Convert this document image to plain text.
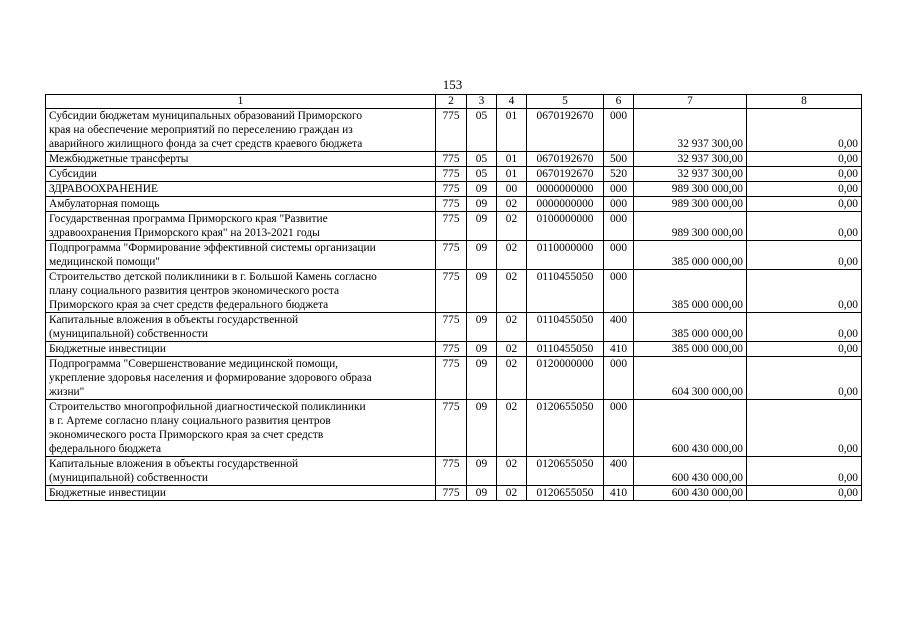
153
1	2	3	4	5	6	7	8

Субсидии бюджетам муниципальных образований Приморского
края на обеспечение мероприятий по переселению граждан из
аварийного жилищного фонда за счет средств краевого бюджета	775	05	01	0670192670	000	32 937 300,00	0,00

Межбюджетные трансферты	775	05	01	0670192670	500	32 937 300,00	0,00

Субсидии	775	05	01	0670192670	520	32 937 300,00	0,00

ЗДРАВООХРАНЕНИЕ	775	09	00	0000000000	000	989 300 000,00	0,00

Амбулаторная помощь	775	09	02	0000000000	000	989 300 000,00	0,00

Государственная программа Приморского края "Развитие
здравоохранения Приморского края" на 2013-2021 годы	775	09	02	0100000000	000	989 300 000,00	0,00

Подпрограмма "Формирование эффективной системы организации
медицинской помощи"	775	09	02	0110000000	000	385 000 000,00	0,00

Строительство детской поликлиники в г. Большой Камень согласно
плану социального развития центров экономического роста
Приморского края за счет средств федерального бюджета	775	09	02	0110455050	000	385 000 000,00	0,00

Капитальные вложения в объекты государственной
(муниципальной) собственности	775	09	02	0110455050	400	385 000 000,00	0,00

Бюджетные инвестиции	775	09	02	0110455050	410	385 000 000,00	0,00

Подпрограмма "Совершенствование медицинской помощи,
укрепление здоровья населения и формирование здорового образа
жизни"	775	09	02	0120000000	000	604 300 000,00	0,00

Строительство многопрофильной диагностической поликлиники
в г. Артеме согласно плану социального развития центров
экономического роста Приморского края за счет средств
федерального бюджета	775	09	02	0120655050	000	600 430 000,00	0,00

Капитальные вложения в объекты государственной
(муниципальной) собственности	775	09	02	0120655050	400	600 430 000,00	0,00

Бюджетные инвестиции	775	09	02	0120655050	410	600 430 000,00	0,00
